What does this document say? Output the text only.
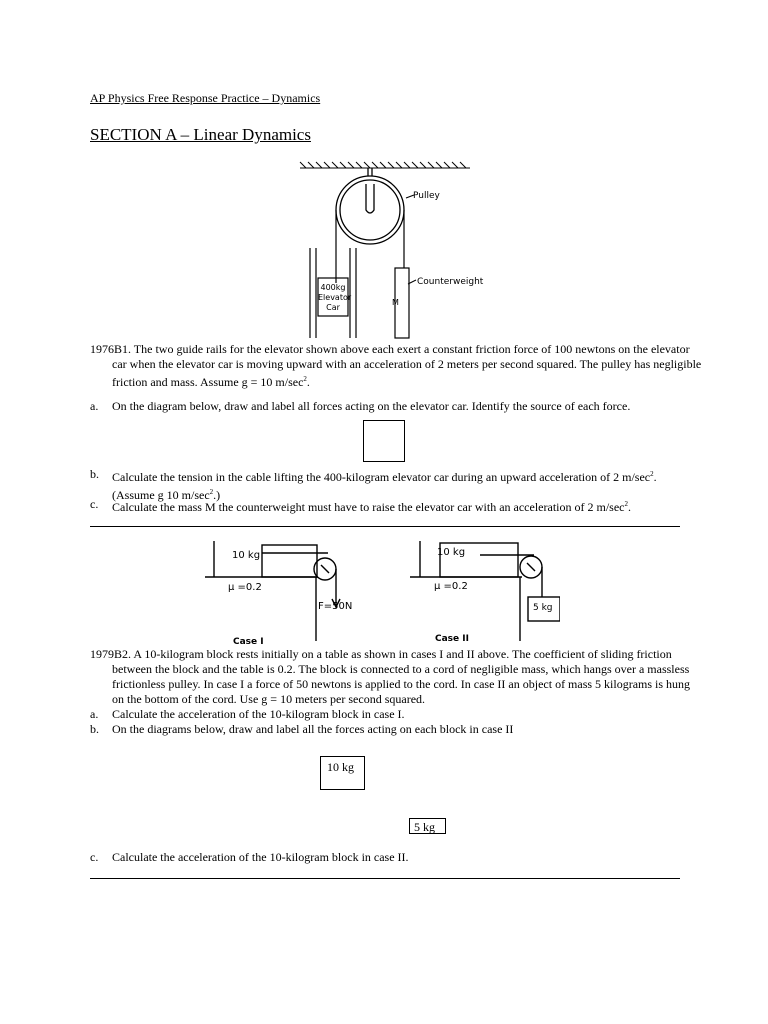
AP Physics Free Response Practice – Dynamics
SECTION A – Linear Dynamics
Pulley
Counterweight
400kg
Elevator
Car
M
1976B1. The two guide rails for the elevator shown above each exert a constant friction force of 100 newtons on the elevator car when the elevator car is moving upward with an acceleration of 2 meters per second squared. The pulley has negligible friction and mass. Assume g = 10 $m/\sec^2$.
a. On the diagram below, draw and label all forces acting on the elevator car. Identify the source of each force.
b. Calculate the tension in the cable lifting the 400-kilogram elevator car during an upward acceleration of 2 $m/\sec^2$. (Assume g 10 $m/\sec^2$.)
c. Calculate the mass M the counterweight must have to raise the elevator car with an acceleration of 2 $m/\sec^2$.
10 kg
μ =0.2
F=50N
Case I
10 kg
μ =0.2
5 kg
Case II
1979B2. A 10-kilogram block rests initially on a table as shown in cases I and II above. The coefficient of sliding friction between the block and the table is 0.2. The block is connected to a cord of negligible mass, which hangs over a massless frictionless pulley. In case I a force of 50 newtons is applied to the cord. In case II an object of mass 5 kilograms is hung on the bottom of the cord. Use g = 10 meters per second squared.
a. Calculate the acceleration of the 10-kilogram block in case I.
b. On the diagrams below, draw and label all the forces acting on each block in case II
10 kg
5 kg
c. Calculate the acceleration of the 10-kilogram block in case II.
